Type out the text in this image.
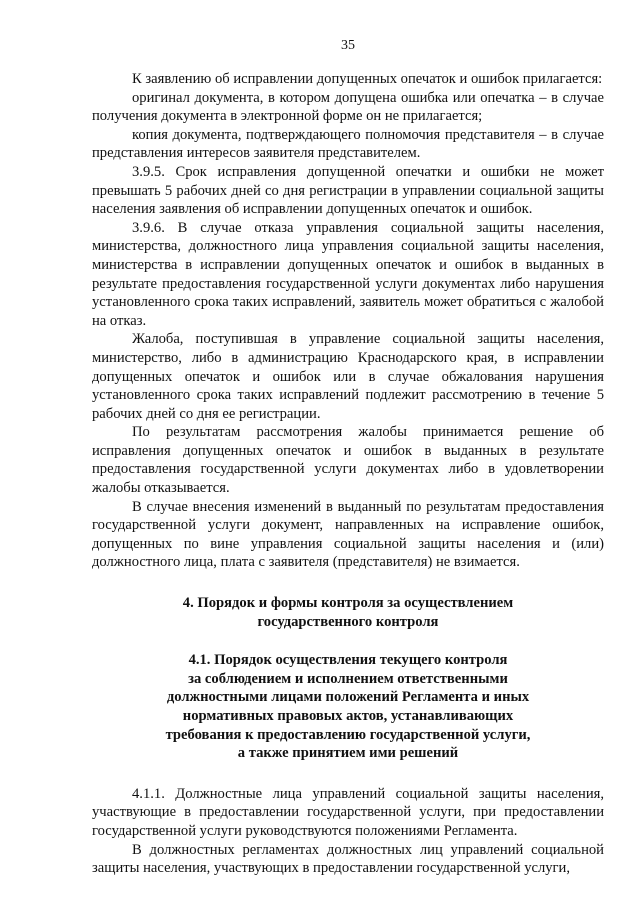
35

К заявлению об исправлении допущенных опечаток и ошибок прилагается:

оригинал документа, в котором допущена ошибка или опечатка – в случае получения документа в электронной форме он не прилагается;

копия документа, подтверждающего полномочия представителя – в случае представления интересов заявителя представителем.

3.9.5. Срок исправления допущенной опечатки и ошибки не может превышать 5 рабочих дней со дня регистрации в управлении социальной защиты населения заявления об исправлении допущенных опечаток и ошибок.

3.9.6. В случае отказа управления социальной защиты населения, министерства, должностного лица управления социальной защиты населения, министерства в исправлении допущенных опечаток и ошибок в выданных в результате предоставления государственной услуги документах либо нарушения установленного срока таких исправлений, заявитель может обратиться с жалобой на отказ.

Жалоба, поступившая в управление социальной защиты населения, министерство, либо в администрацию Краснодарского края, в исправлении допущенных опечаток и ошибок или в случае обжалования нарушения установленного срока таких исправлений подлежит рассмотрению в течение 5 рабочих дней со дня ее регистрации.

По результатам рассмотрения жалобы принимается решение об исправления допущенных опечаток и ошибок в выданных в результате предоставления государственной услуги документах либо в удовлетворении жалобы отказывается.

В случае внесения изменений в выданный по результатам предоставления государственной услуги документ, направленных на исправление ошибок, допущенных по вине управления социальной защиты населения и (или) должностного лица, плата с заявителя (представителя) не взимается.

4. Порядок и формы контроля за осуществлением
государственного контроля
4.1. Порядок осуществления текущего контроля
за соблюдением и исполнением ответственными
должностными лицами положений Регламента и иных
нормативных правовых актов, устанавливающих
требования к предоставлению государственной услуги,
а также принятием ими решений

4.1.1. Должностные лица управлений социальной защиты населения, участвующие в предоставлении государственной услуги, при предоставлении государственной услуги руководствуются положениями Регламента.

В должностных регламентах должностных лиц управлений социальной защиты населения, участвующих в предоставлении государственной услуги,
